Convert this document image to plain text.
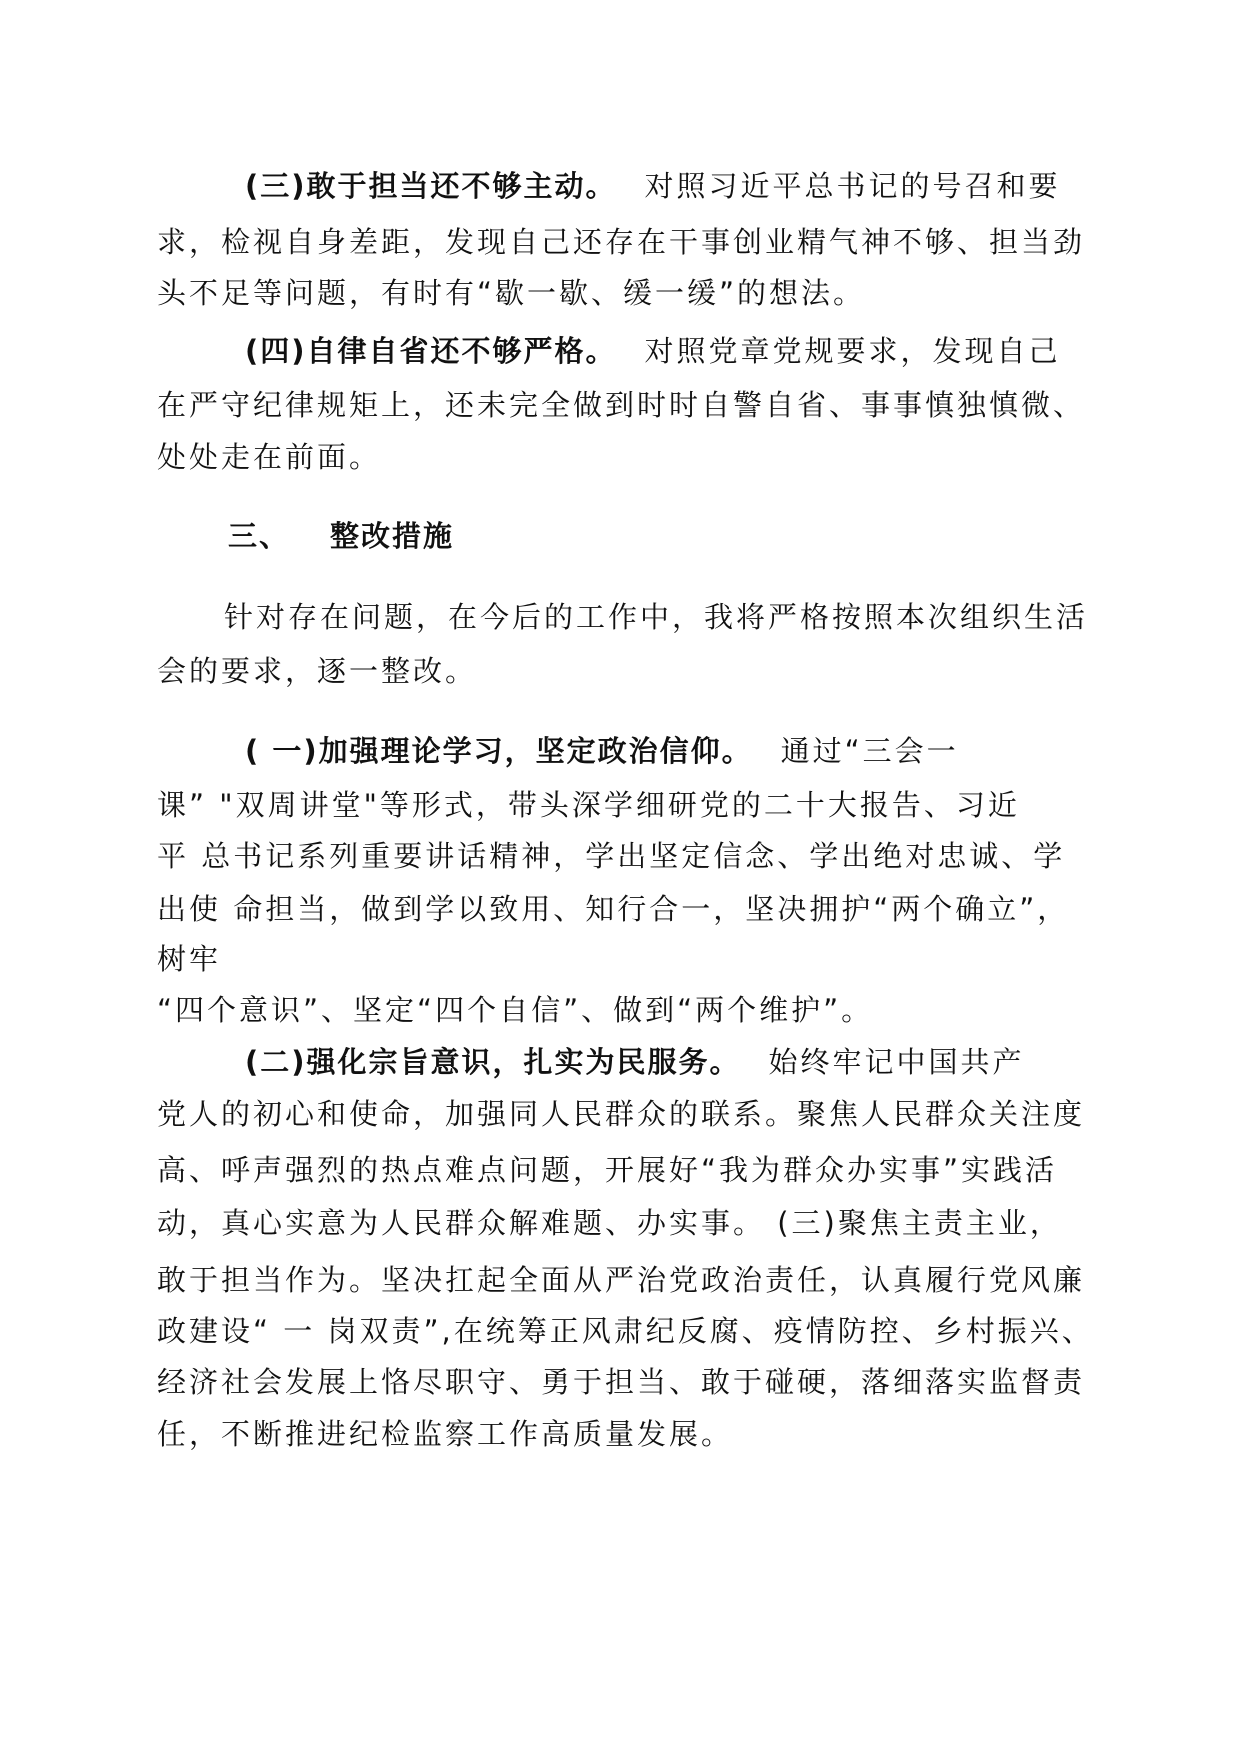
(三)敢于担当还不够主动。 对照习近平总书记的号召和要
求，检视自身差距，发现自己还存在干事创业精气神不够、担当劲
头不足等问题，有时有“歇一歇、缓一缓”的想法。
(四)自律自省还不够严格。 对照党章党规要求，发现自己
在严守纪律规矩上，还未完全做到时时自警自省、事事慎独慎微、
处处走在前面。
三、 整改措施
针对存在问题，在今后的工作中，我将严格按照本次组织生活
会的要求，逐一整改。
( 一)加强理论学习，坚定政治信仰。 通过“三会一
课” "双周讲堂"等形式，带头深学细研党的二十大报告、习近
平 总书记系列重要讲话精神，学出坚定信念、学出绝对忠诚、学
出使 命担当，做到学以致用、知行合一，坚决拥护“两个确立”，
树牢
“四个意识”、坚定“四个自信”、做到“两个维护”。
(二)强化宗旨意识，扎实为民服务。 始终牢记中国共产
党人的初心和使命，加强同人民群众的联系。聚焦人民群众关注度
高、呼声强烈的热点难点问题，开展好“我为群众办实事”实践活
动，真心实意为人民群众解难题、办实事。 (三)聚焦主责主业，
敢于担当作为。坚决扛起全面从严治党政治责任，认真履行党风廉
政建设“ 一 岗双责”,在统筹正风肃纪反腐、疫情防控、乡村振兴、
经济社会发展上恪尽职守、勇于担当、敢于碰硬，落细落实监督责
任，不断推进纪检监察工作高质量发展。
